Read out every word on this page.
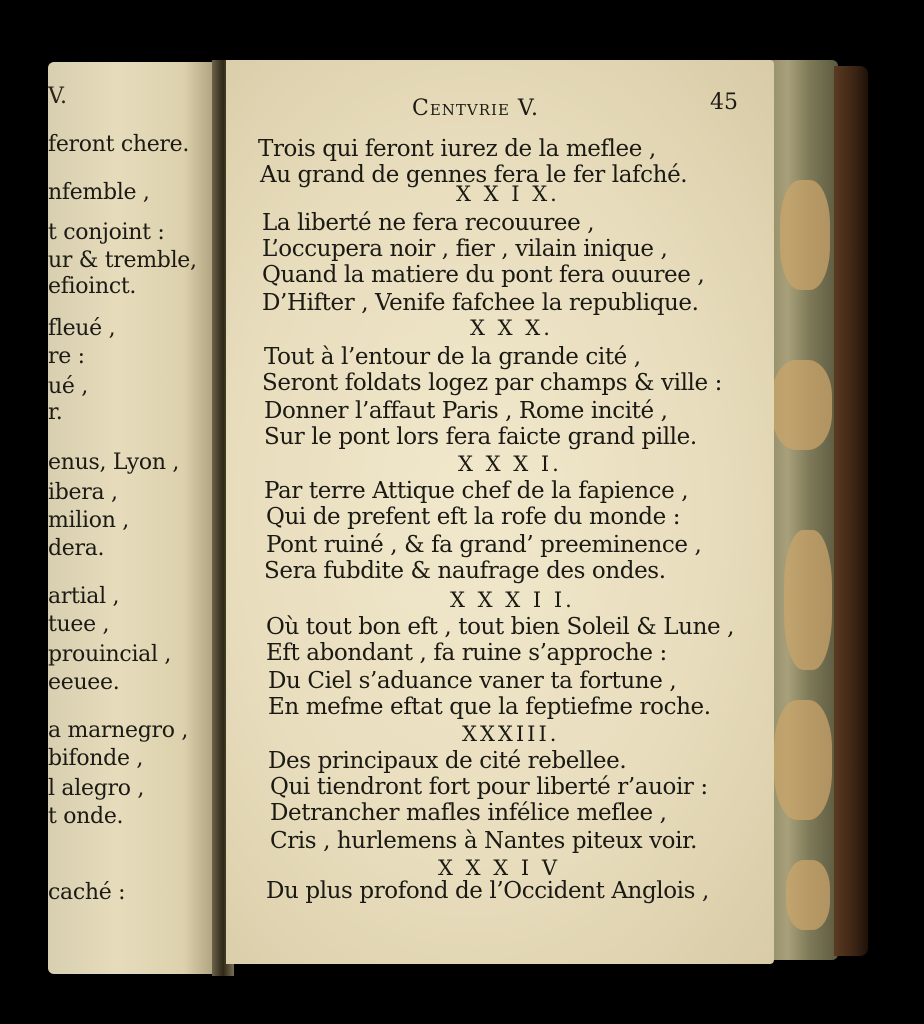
V.
feront chere.
nfemble ,
t conjoint :
ur & tremble,
efioinct.
fleué ,
re :
ué ,
r.
enus, Lyon ,
ibera ,
milion ,
dera.
artial ,
tuee ,
prouincial ,
eeuee.
a marnegro ,
bifonde ,
l alegro ,
t onde.
caché :
Centvrie V.	45
Trois qui feront iurez de la meflee ,
Au grand de gennes fera le fer lafché.
X X I X.
La liberté ne fera recouuree ,
L’occupera noir , fier , vilain inique ,
Quand la matiere du pont fera ouuree ,
D’Hifter , Venife fafchee la republique.
X X X.
Tout à l’entour de la grande cité ,
Seront foldats logez par champs & ville :
Donner l’affaut Paris , Rome incité ,
Sur le pont lors fera faicte grand pille.
X X X I.
Par terre Attique chef de la fapience ,
Qui de prefent eft la rofe du monde :
Pont ruiné , & fa grand’ preeminence ,
Sera fubdite & naufrage des ondes.
X X X I I.
Où tout bon eft , tout bien Soleil & Lune ,
Eft abondant , fa ruine s’approche :
Du Ciel s’aduance vaner ta fortune ,
En mefme eftat que la feptiefme roche.
XXXIII.
Des principaux de cité rebellee.
Qui tiendront fort pour liberté r’auoir :
Detrancher mafles infélice meflee ,
Cris , hurlemens à Nantes piteux voir.
X X X I V
Du plus profond de l’Occident Anglois ,
